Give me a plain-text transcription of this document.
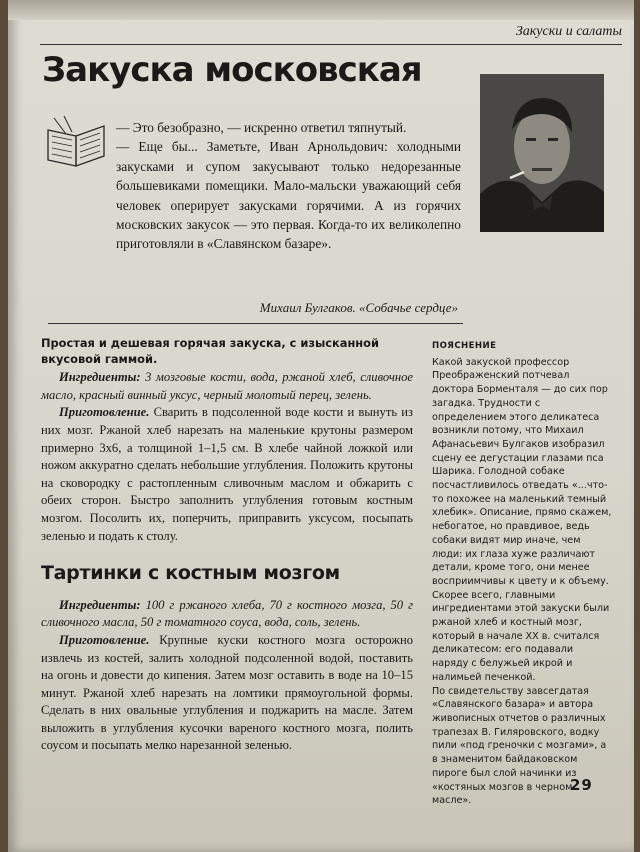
Закуски и салаты
Закуска московская

— Это безобразно, — искренно ответил тяпнутый.

— Еще бы... Заметьте, Иван Арнольдович: холодными закусками и супом закусывают только недорезанные большевиками помещики. Мало-мальски уважающий себя человек оперирует закусками горячими. А из горячих московских закусок — это первая. Когда-то их великолепно приготовляли в «Славянском базаре».

Михаил Булгаков. «Собачье сердце»

Простая и дешевая горячая закуска, с изысканной вкусовой гаммой.

Ингредиенты: 3 мозговые кости, вода, ржаной хлеб, сливочное масло, красный винный уксус, черный молотый перец, зелень.

Приготовление. Сварить в подсоленной воде кости и вынуть из них мозг. Ржаной хлеб нарезать на маленькие крутоны размером примерно 3x6, а толщиной 1–1,5 см. В хлебе чайной ложкой или ножом аккуратно сделать небольшие углубления. Положить крутоны на сковородку с растопленным сливочным маслом и обжарить с обеих сторон. Быстро заполнить углубления готовым костным мозгом. Посолить их, поперчить, приправить уксусом, посыпать зеленью и подать к столу.

Тартинки с костным мозгом

Ингредиенты: 100 г ржаного хлеба, 70 г костного мозга, 50 г сливочного масла, 50 г томатного соуса, вода, соль, зелень.

Приготовление. Крупные куски костного мозга осторожно извлечь из костей, залить холодной подсоленной водой, поставить на огонь и довести до кипения. Затем мозг оставить в воде на 10–15 минут. Ржаной хлеб нарезать на ломтики прямоугольной формы. Сделать в них овальные углубления и поджарить на масле. Затем выложить в углубления кусочки вареного костного мозга, полить соусом и посыпать мелко нарезанной зеленью.

ПОЯСНЕНИЕ

Какой закуской профессор Преображенский потчевал доктора Борменталя — до сих пор загадка. Трудности с определением этого деликатеса возникли потому, что Михаил Афанасьевич Булгаков изобразил сцену ее дегустации глазами пса Шарика. Голодной собаке посчастливилось отведать «...что-то похожее на маленький темный хлебик». Описание, прямо скажем, небогатое, но правдивое, ведь собаки видят мир иначе, чем люди: их глаза хуже различают детали, кроме того, они менее восприимчивы к цвету и к объему. Скорее всего, главными ингредиентами этой закуски были ржаной хлеб и костный мозг, который в начале XX в. считался деликатесом: его подавали наряду с белужьей икрой и налимьей печенкой.

По свидетельству завсегдатая «Славянского базара» и автора живописных отчетов о различных трапезах В. Гиляровского, водку пили «под греночки с мозгами», а в знаменитом байдаковском пироге был слой начинки из «костяных мозгов в черном масле».

29
